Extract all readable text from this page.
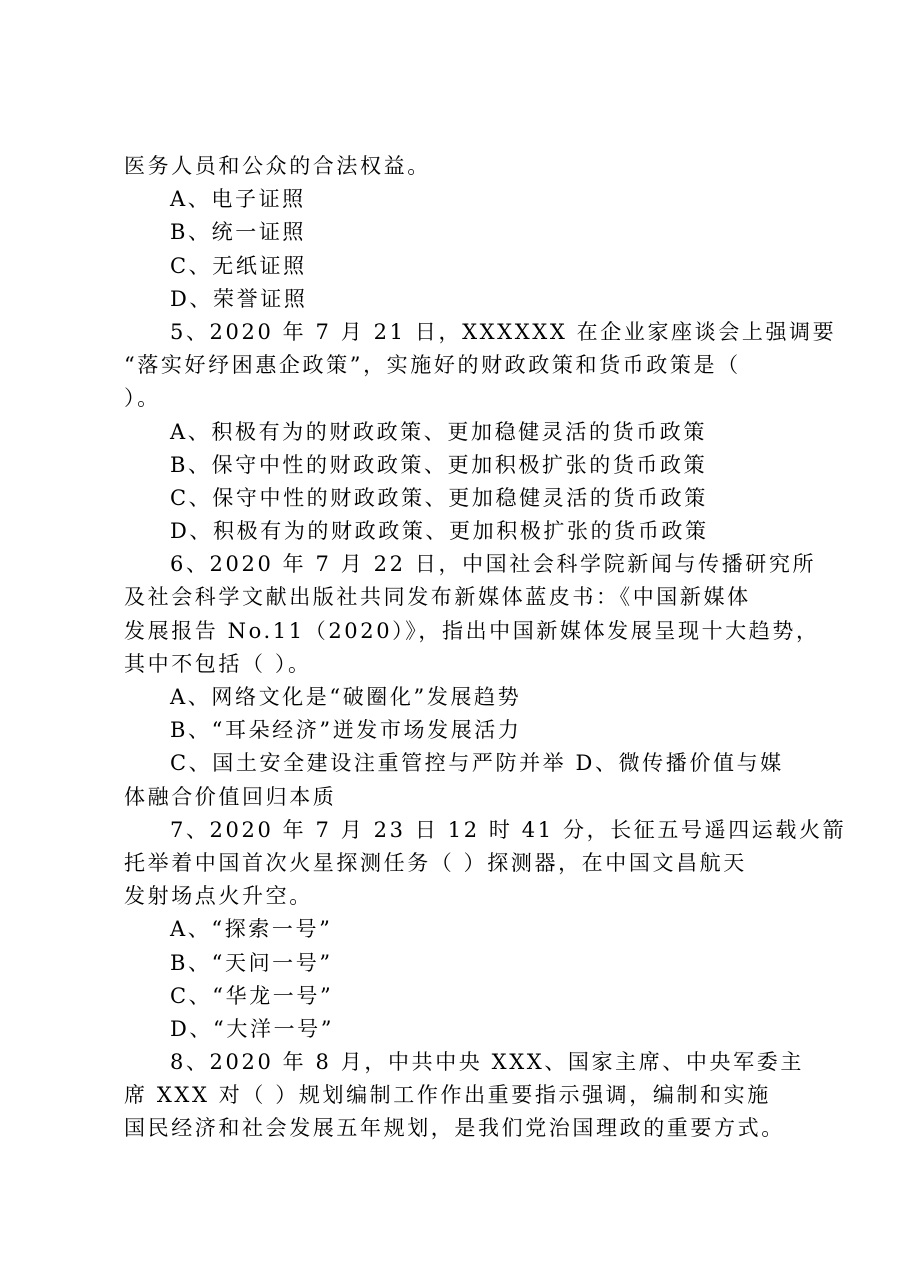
医务人员和公众的合法权益。
A、电子证照
B、统一证照
C、无纸证照
D、荣誉证照
5、2020 年 7 月 21 日，XXXXXX 在企业家座谈会上强调要
“落实好纾困惠企政策”，实施好的财政政策和货币政策是（
）。
A、积极有为的财政政策、更加稳健灵活的货币政策
B、保守中性的财政政策、更加积极扩张的货币政策
C、保守中性的财政政策、更加稳健灵活的货币政策
D、积极有为的财政政策、更加积极扩张的货币政策
6、2020 年 7 月 22 日，中国社会科学院新闻与传播研究所
及社会科学文献出版社共同发布新媒体蓝皮书：《中国新媒体
发展报告 No.11（2020）》，指出中国新媒体发展呈现十大趋势，
其中不包括（ ）。
A、网络文化是“破圈化”发展趋势
B、“耳朵经济”迸发市场发展活力
C、国土安全建设注重管控与严防并举 D、微传播价值与媒
体融合价值回归本质
7、2020 年 7 月 23 日 12 时 41 分，长征五号遥四运载火箭
托举着中国首次火星探测任务（ ）探测器，在中国文昌航天
发射场点火升空。
A、“探索一号”
B、“天问一号”
C、“华龙一号”
D、“大洋一号”
8、2020 年 8 月，中共中央 XXX、国家主席、中央军委主
席 XXX 对（ ）规划编制工作作出重要指示强调，编制和实施
国民经济和社会发展五年规划，是我们党治国理政的重要方式。
